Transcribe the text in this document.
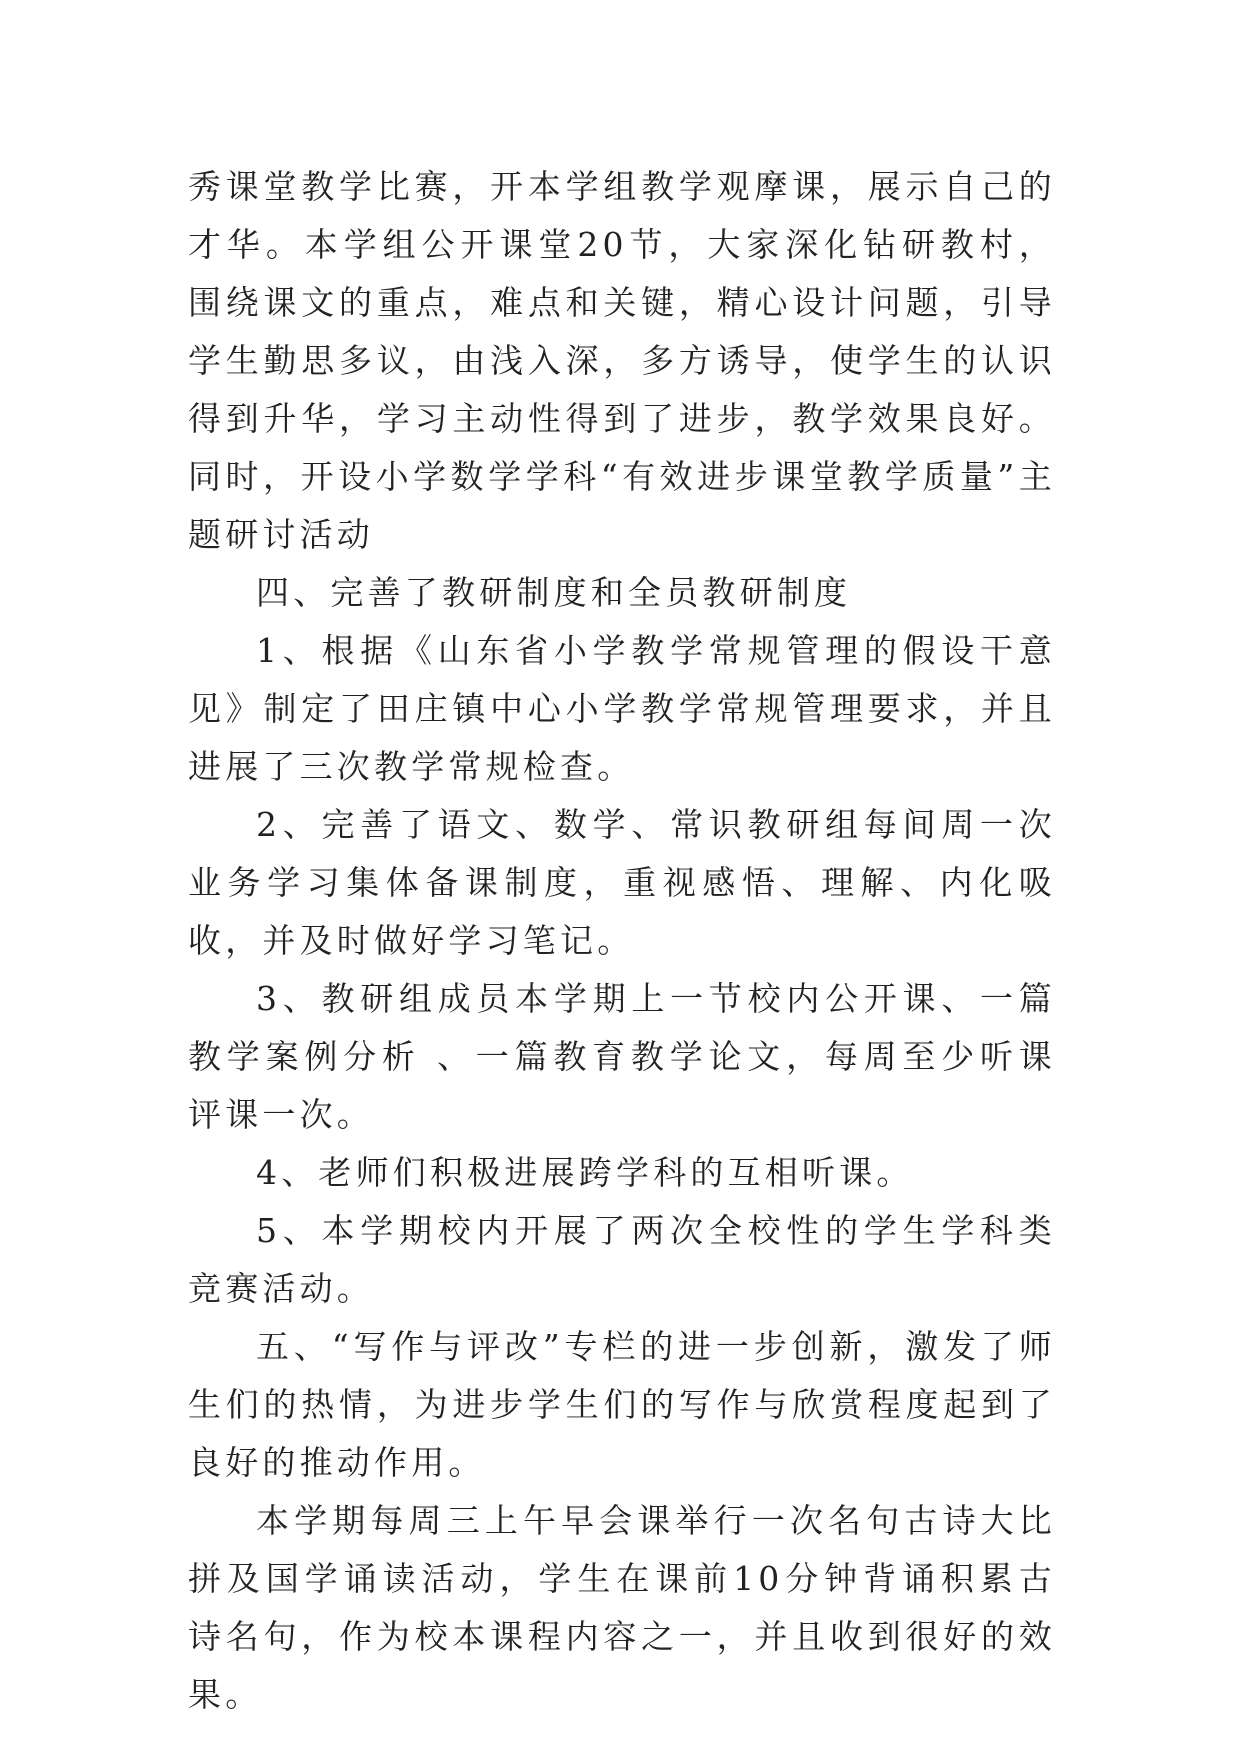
秀课堂教学比赛，开本学组教学观摩课，展示自己的才华。本学组公开课堂20节，大家深化钻研教村，围绕课文的重点，难点和关键，精心设计问题，引导学生勤思多议，由浅入深，多方诱导，使学生的认识得到升华，学习主动性得到了进步，教学效果良好。同时，开设小学数学学科“有效进步课堂教学质量”主题研讨活动

四、完善了教研制度和全员教研制度

1、根据《山东省小学教学常规管理的假设干意见》制定了田庄镇中心小学教学常规管理要求，并且进展了三次教学常规检查。

2、完善了语文、数学、常识教研组每间周一次业务学习集体备课制度，重视感悟、理解、内化吸收，并及时做好学习笔记。

3、教研组成员本学期上一节校内公开课、一篇教学案例分析 、一篇教育教学论文，每周至少听课评课一次。

4、老师们积极进展跨学科的互相听课。

5、本学期校内开展了两次全校性的学生学科类竞赛活动。

五、“写作与评改”专栏的进一步创新，激发了师生们的热情，为进步学生们的写作与欣赏程度起到了良好的推动作用。

本学期每周三上午早会课举行一次名句古诗大比拼及国学诵读活动，学生在课前10分钟背诵积累古诗名句，作为校本课程内容之一，并且收到很好的效果。
